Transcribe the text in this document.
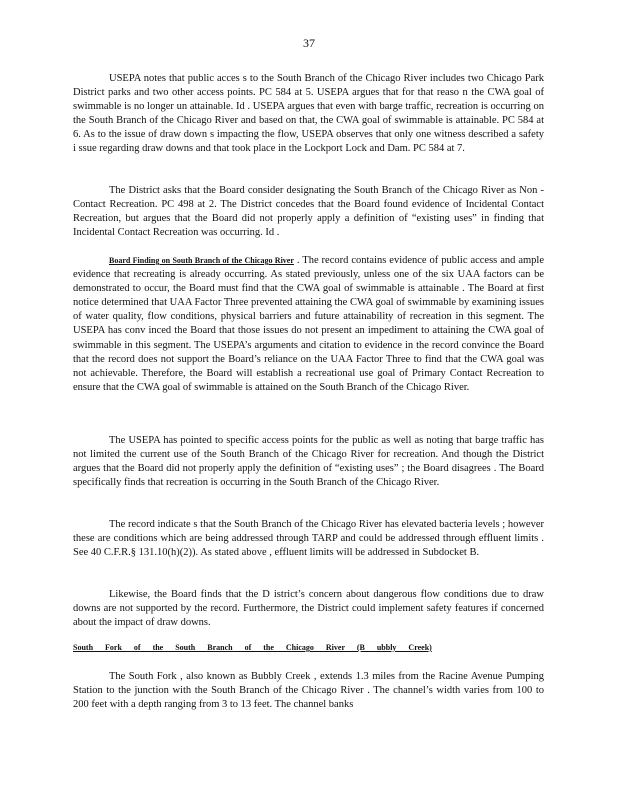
37

USEPA notes that public acces s to the South Branch of the Chicago River includes two Chicago Park District parks and two other access points. PC 584 at 5. USEPA argues that for that reaso n the CWA goal of swimmable is no longer un attainable. Id . USEPA argues that even with barge traffic, recreation is occurring on the South Branch of the Chicago River and based on that, the CWA goal of swimmable is attainable. PC 584 at 6. As to the issue of draw down s impacting the flow, USEPA observes that only one witness described a safety i ssue regarding draw downs and that took place in the Lockport Lock and Dam. PC 584 at 7.

The District asks that the Board consider designating the South Branch of the Chicago River as Non -Contact Recreation. PC 498 at 2. The District concedes that the Board found evidence of Incidental Contact Recreation, but argues that the Board did not properly apply a definition of “existing uses” in finding that Incidental Contact Recreation was occurring. Id .

Board Finding on South Branch of the Chicago River . The record contains evidence of public access and ample evidence that recreating is already occurring. As stated previously, unless one of the six UAA factors can be demonstrated to occur, the Board must find that the CWA goal of swimmable is attainable . The Board at first notice determined that UAA Factor Three prevented attaining the CWA goal of swimmable by examining issues of water quality, flow conditions, physical barriers and future attainability of recreation in this segment. The USEPA has conv inced the Board that those issues do not present an impediment to attaining the CWA goal of swimmable in this segment. The USEPA’s arguments and citation to evidence in the record convince the Board that the record does not support the Board’s reliance on the UAA Factor Three to find that the CWA goal was not achievable. Therefore, the Board will establish a recreational use goal of Primary Contact Recreation to ensure that the CWA goal of swimmable is attained on the South Branch of the Chicago River.

The USEPA has pointed to specific access points for the public as well as noting that barge traffic has not limited the current use of the South Branch of the Chicago River for recreation. And though the District argues that the Board did not properly apply the definition of “existing uses” ; the Board disagrees . The Board specifically finds that recreation is occurring in the South Branch of the Chicago River.

The record indicate s that the South Branch of the Chicago River has elevated bacteria levels ; however these are conditions which are being addressed through TARP and could be addressed through effluent limits . See 40 C.F.R.§ 131.10(h)(2)). As stated above , effluent limits will be addressed in Subdocket B.

Likewise, the Board finds that the D istrict’s concern about dangerous flow conditions due to draw downs are not supported by the record. Furthermore, the District could implement safety features if concerned about the impact of draw downs.

South Fork of the South Branch of the Chicago River (B ubbly Creek)

The South Fork , also known as Bubbly Creek , extends 1.3 miles from the Racine Avenue Pumping Station to the junction with the South Branch of the Chicago River . The channel’s width varies from 100 to 200 feet with a depth ranging from 3 to 13 feet. The channel banks
